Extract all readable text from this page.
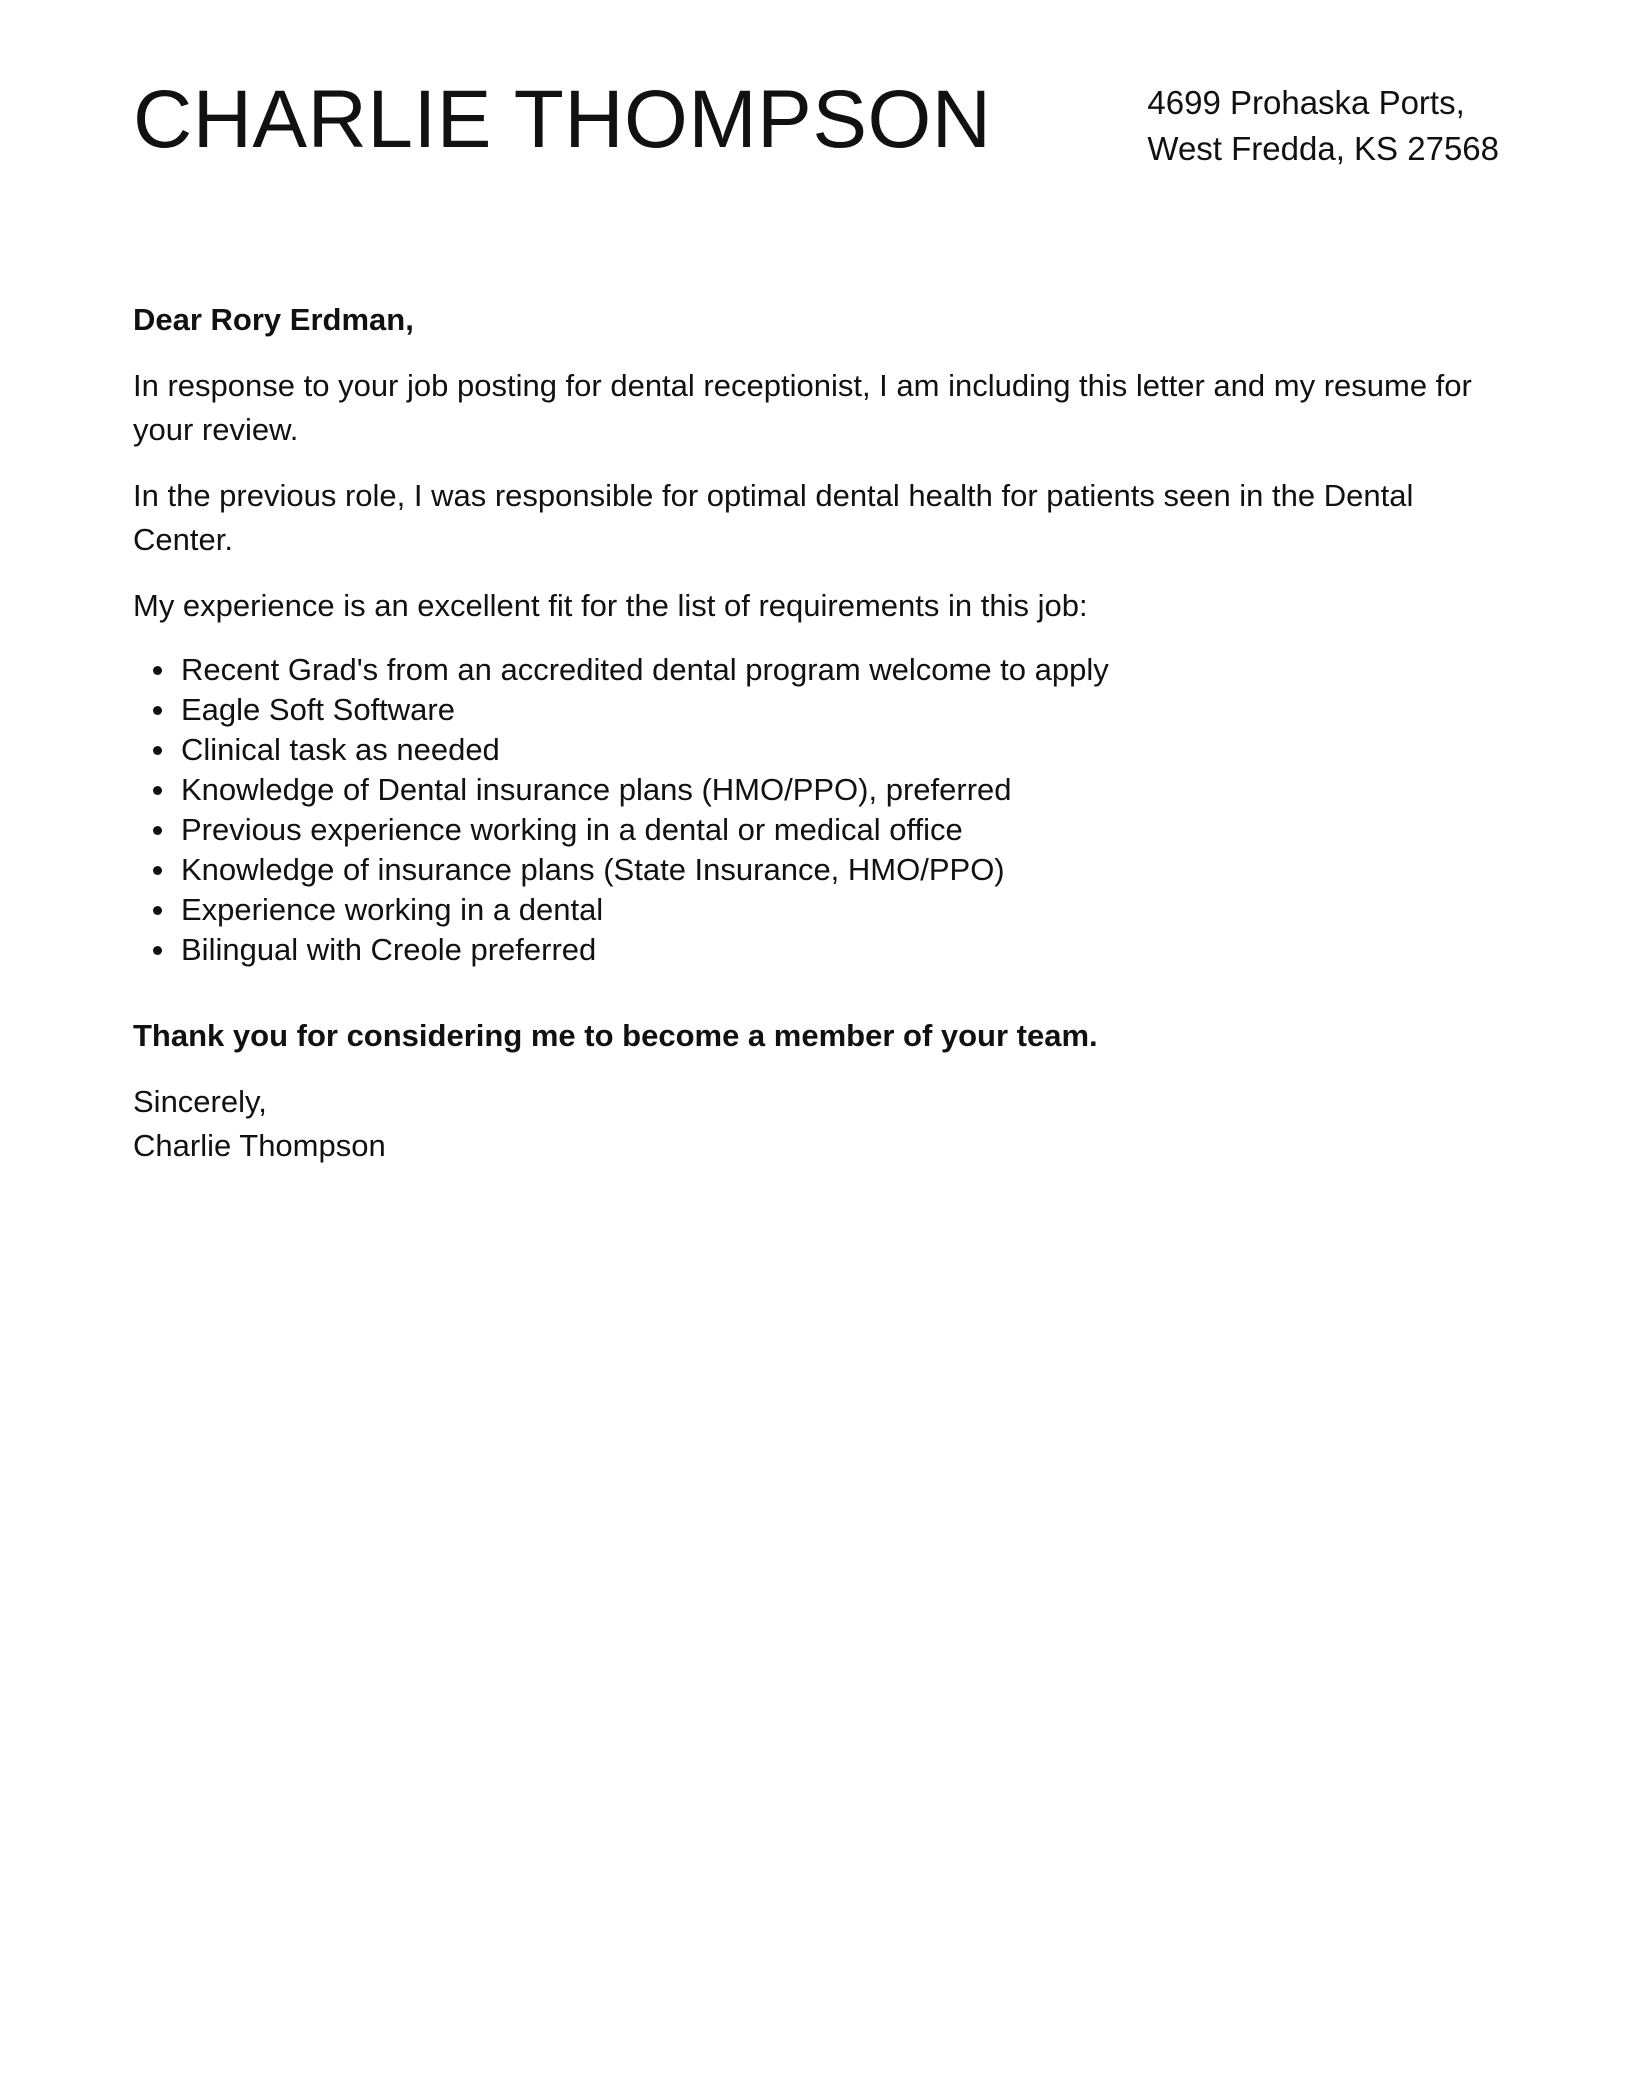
CHARLIE THOMPSON	4699 Prohaska Ports,
West Fredda, KS 27568

Dear Rory Erdman,

In response to your job posting for dental receptionist, I am including this letter and my resume for your review.

In the previous role, I was responsible for optimal dental health for patients seen in the Dental Center.

My experience is an excellent fit for the list of requirements in this job:

Recent Grad's from an accredited dental program welcome to apply
Eagle Soft Software
Clinical task as needed
Knowledge of Dental insurance plans (HMO/PPO), preferred
Previous experience working in a dental or medical office
Knowledge of insurance plans (State Insurance, HMO/PPO)
Experience working in a dental
Bilingual with Creole preferred

Thank you for considering me to become a member of your team.

Sincerely,
Charlie Thompson
